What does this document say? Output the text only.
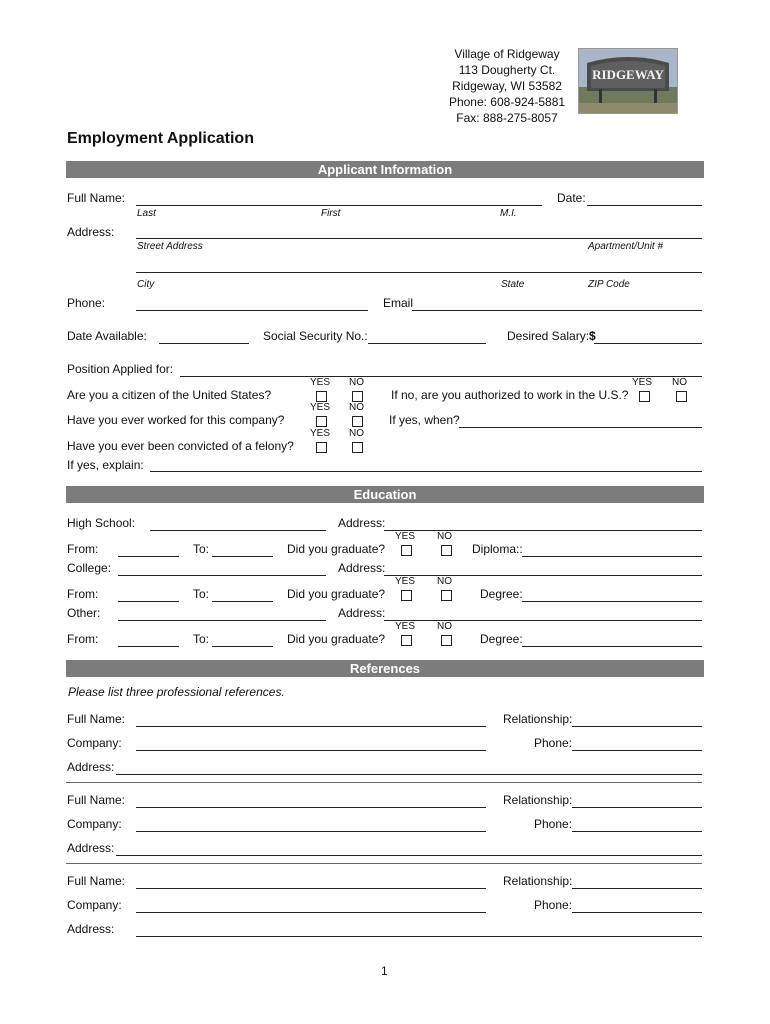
Village of Ridgeway
113 Dougherty Ct.
Ridgeway, WI 53582
Phone: 608-924-5881
Fax: 888-275-8057
RIDGEWAY
Employment Application
Applicant Information
Full Name:	Date:
Last	First	M.I.
Address:
Street Address	Apartment/Unit #
City	State	ZIP Code
Phone:	Email
Date Available:	Social Security No.:	Desired Salary:$
Position Applied for:
YES NO	YES NO
Are you a citizen of the United States?	If no, are you authorized to work in the U.S.?
YES NO
Have you ever worked for this company?	If yes, when?
YES NO
Have you ever been convicted of a felony?
If yes, explain:
Education
High School:	Address:
YES NO
From:	To:	Did you graduate?	Diploma::
College:	Address:
YES NO
From:	To:	Did you graduate?	Degree:
Other:	Address:
YES NO
From:	To:	Did you graduate?	Degree:
References
Please list three professional references.
Full Name:	Relationship:
Company:	Phone:
Address:
Full Name:	Relationship:
Company:	Phone:
Address:
Full Name:	Relationship:
Company:	Phone:
Address:
1
